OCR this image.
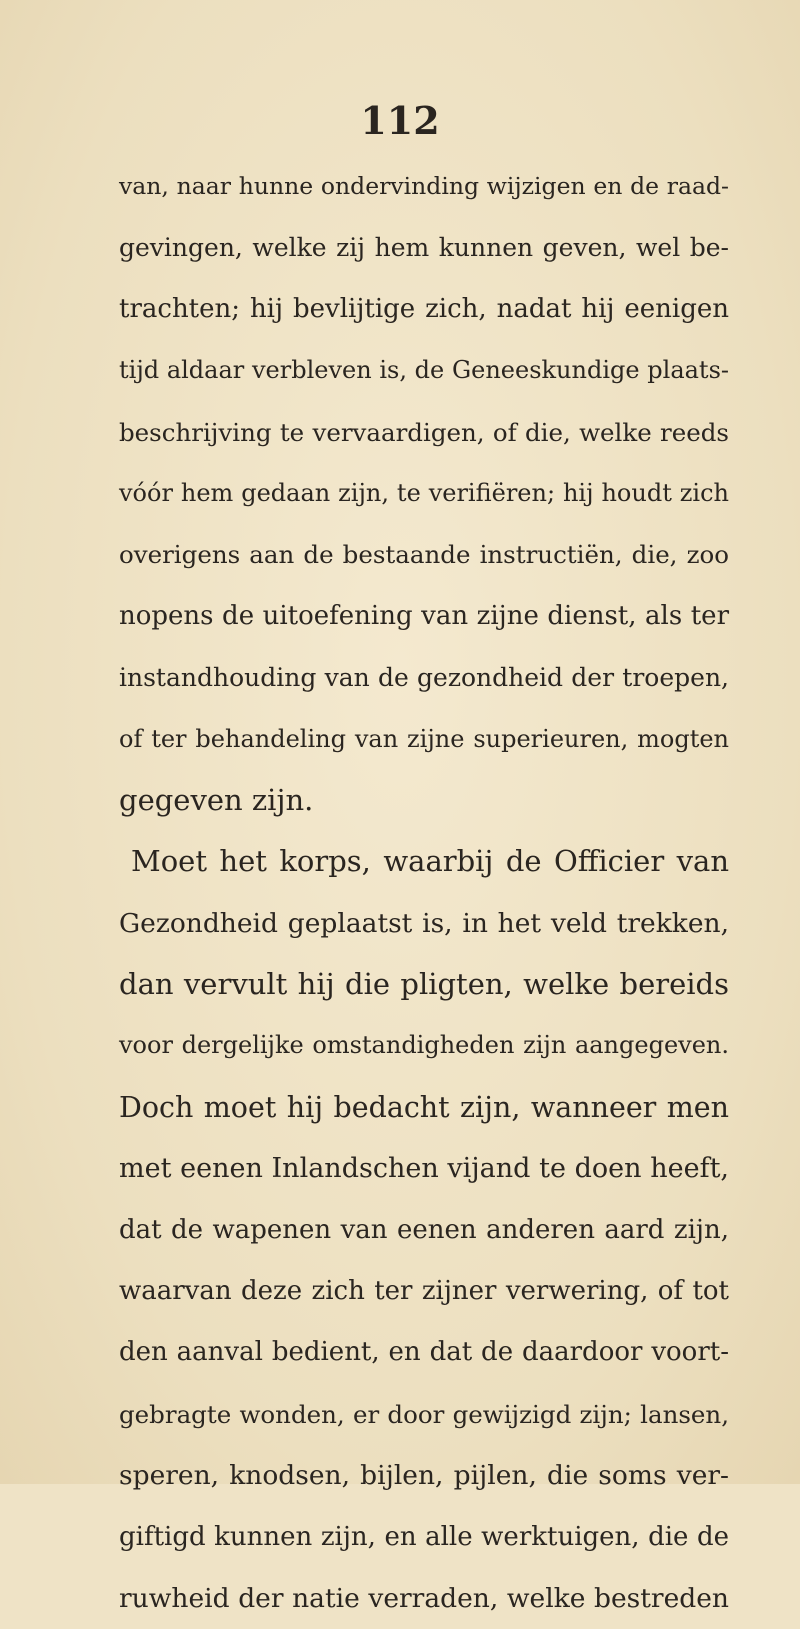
112
van, naar hunne ondervinding wijzigen en de raad-
gevingen, welke zij hem kunnen geven, wel be-
trachten; hij bevlijtige zich, nadat hij eenigen
tijd aldaar verbleven is, de Geneeskundige plaats-
beschrijving te vervaardigen, of die, welke reeds
vóór hem gedaan zijn, te verifiëren; hij houdt zich
overigens aan de bestaande instructiën, die, zoo
nopens de uitoefening van zijne dienst, als ter
instandhouding van de gezondheid der troepen,
of ter behandeling van zijne superieuren, mogten
gegeven zijn.
Moet het korps, waarbij de Officier van
Gezondheid geplaatst is, in het veld trekken,
dan vervult hij die pligten, welke bereids
voor dergelijke omstandigheden zijn aangegeven.
Doch moet hij bedacht zijn, wanneer men
met eenen Inlandschen vijand te doen heeft,
dat de wapenen van eenen anderen aard zijn,
waarvan deze zich ter zijner verwering, of tot
den aanval bedient, en dat de daardoor voort-
gebragte wonden, er door gewijzigd zijn; lansen,
speren, knodsen, bijlen, pijlen, die soms ver-
giftigd kunnen zijn, en alle werktuigen, die de
ruwheid der natie verraden, welke bestreden
